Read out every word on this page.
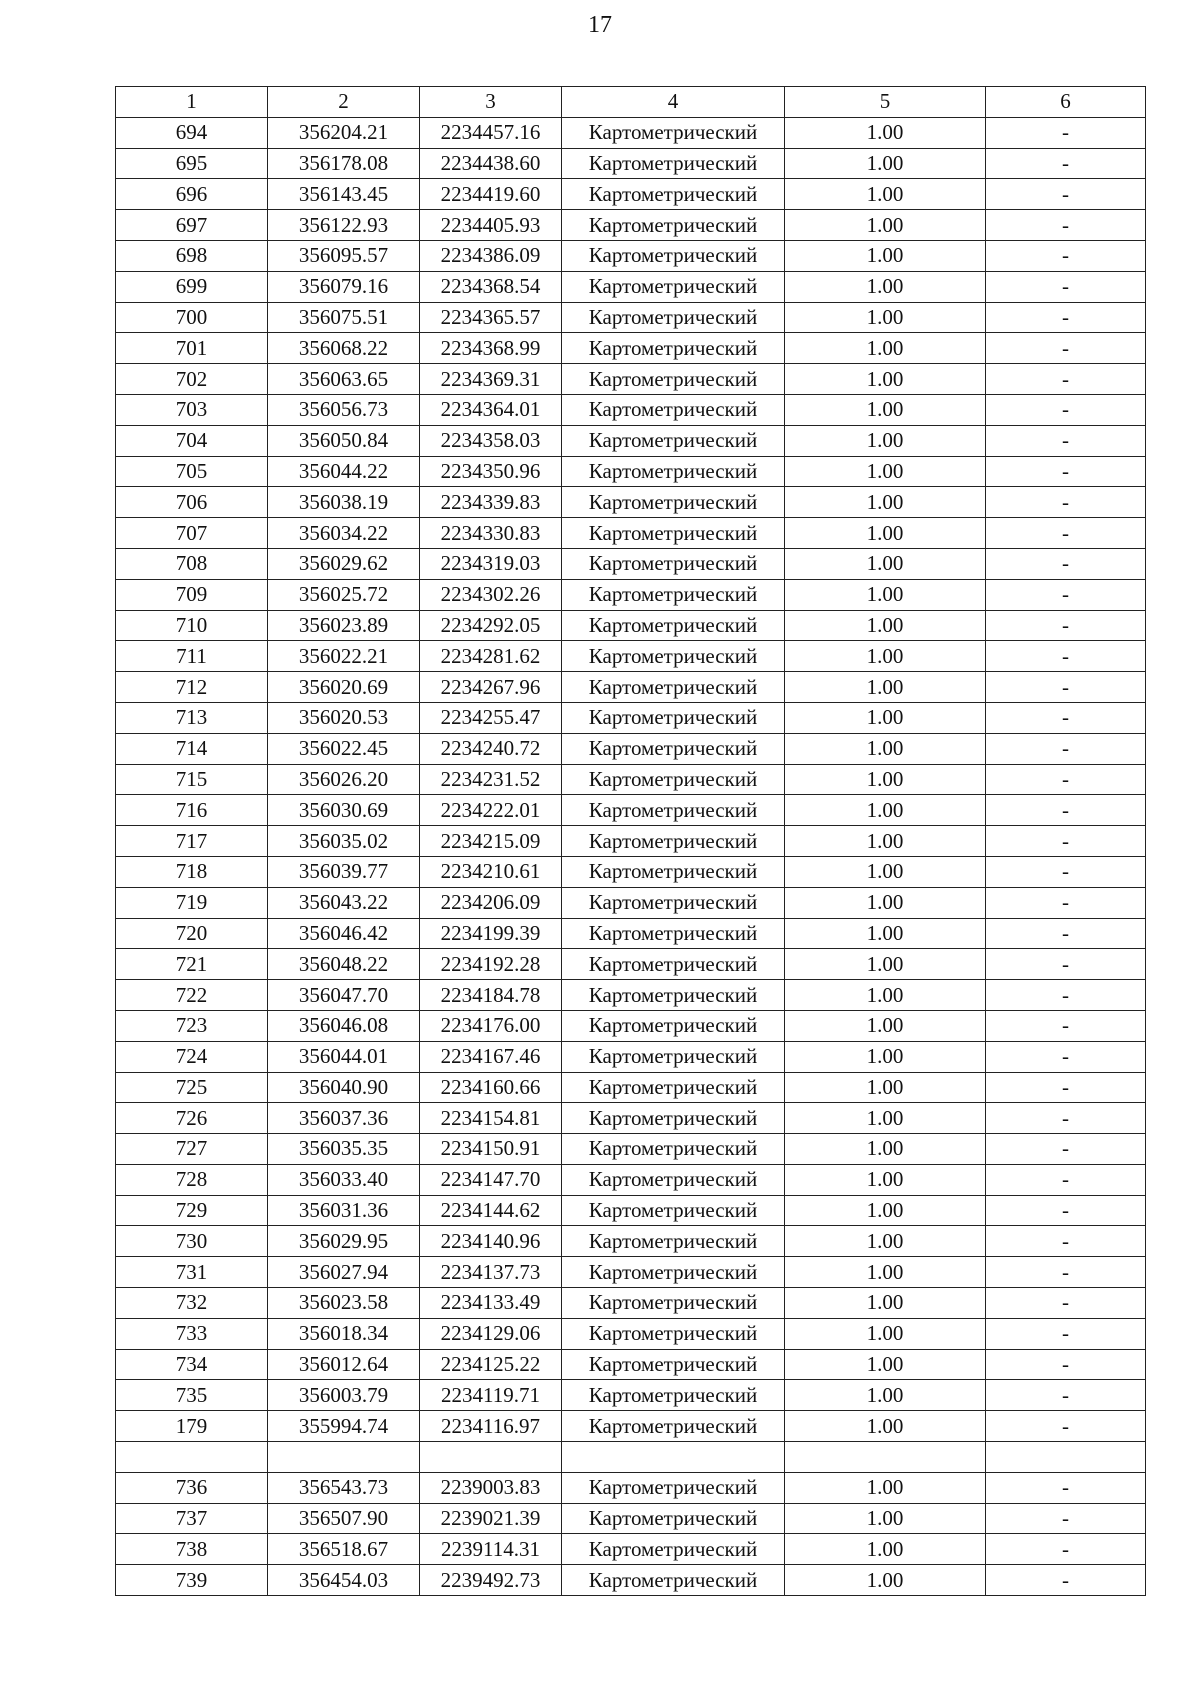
17
1	2	3	4	5	6
694	356204.21	2234457.16	Картометрический	1.00	-
695	356178.08	2234438.60	Картометрический	1.00	-
696	356143.45	2234419.60	Картометрический	1.00	-
697	356122.93	2234405.93	Картометрический	1.00	-
698	356095.57	2234386.09	Картометрический	1.00	-
699	356079.16	2234368.54	Картометрический	1.00	-
700	356075.51	2234365.57	Картометрический	1.00	-
701	356068.22	2234368.99	Картометрический	1.00	-
702	356063.65	2234369.31	Картометрический	1.00	-
703	356056.73	2234364.01	Картометрический	1.00	-
704	356050.84	2234358.03	Картометрический	1.00	-
705	356044.22	2234350.96	Картометрический	1.00	-
706	356038.19	2234339.83	Картометрический	1.00	-
707	356034.22	2234330.83	Картометрический	1.00	-
708	356029.62	2234319.03	Картометрический	1.00	-
709	356025.72	2234302.26	Картометрический	1.00	-
710	356023.89	2234292.05	Картометрический	1.00	-
711	356022.21	2234281.62	Картометрический	1.00	-
712	356020.69	2234267.96	Картометрический	1.00	-
713	356020.53	2234255.47	Картометрический	1.00	-
714	356022.45	2234240.72	Картометрический	1.00	-
715	356026.20	2234231.52	Картометрический	1.00	-
716	356030.69	2234222.01	Картометрический	1.00	-
717	356035.02	2234215.09	Картометрический	1.00	-
718	356039.77	2234210.61	Картометрический	1.00	-
719	356043.22	2234206.09	Картометрический	1.00	-
720	356046.42	2234199.39	Картометрический	1.00	-
721	356048.22	2234192.28	Картометрический	1.00	-
722	356047.70	2234184.78	Картометрический	1.00	-
723	356046.08	2234176.00	Картометрический	1.00	-
724	356044.01	2234167.46	Картометрический	1.00	-
725	356040.90	2234160.66	Картометрический	1.00	-
726	356037.36	2234154.81	Картометрический	1.00	-
727	356035.35	2234150.91	Картометрический	1.00	-
728	356033.40	2234147.70	Картометрический	1.00	-
729	356031.36	2234144.62	Картометрический	1.00	-
730	356029.95	2234140.96	Картометрический	1.00	-
731	356027.94	2234137.73	Картометрический	1.00	-
732	356023.58	2234133.49	Картометрический	1.00	-
733	356018.34	2234129.06	Картометрический	1.00	-
734	356012.64	2234125.22	Картометрический	1.00	-
735	356003.79	2234119.71	Картометрический	1.00	-
179	355994.74	2234116.97	Картометрический	1.00	-

736	356543.73	2239003.83	Картометрический	1.00	-
737	356507.90	2239021.39	Картометрический	1.00	-
738	356518.67	2239114.31	Картометрический	1.00	-
739	356454.03	2239492.73	Картометрический	1.00	-
